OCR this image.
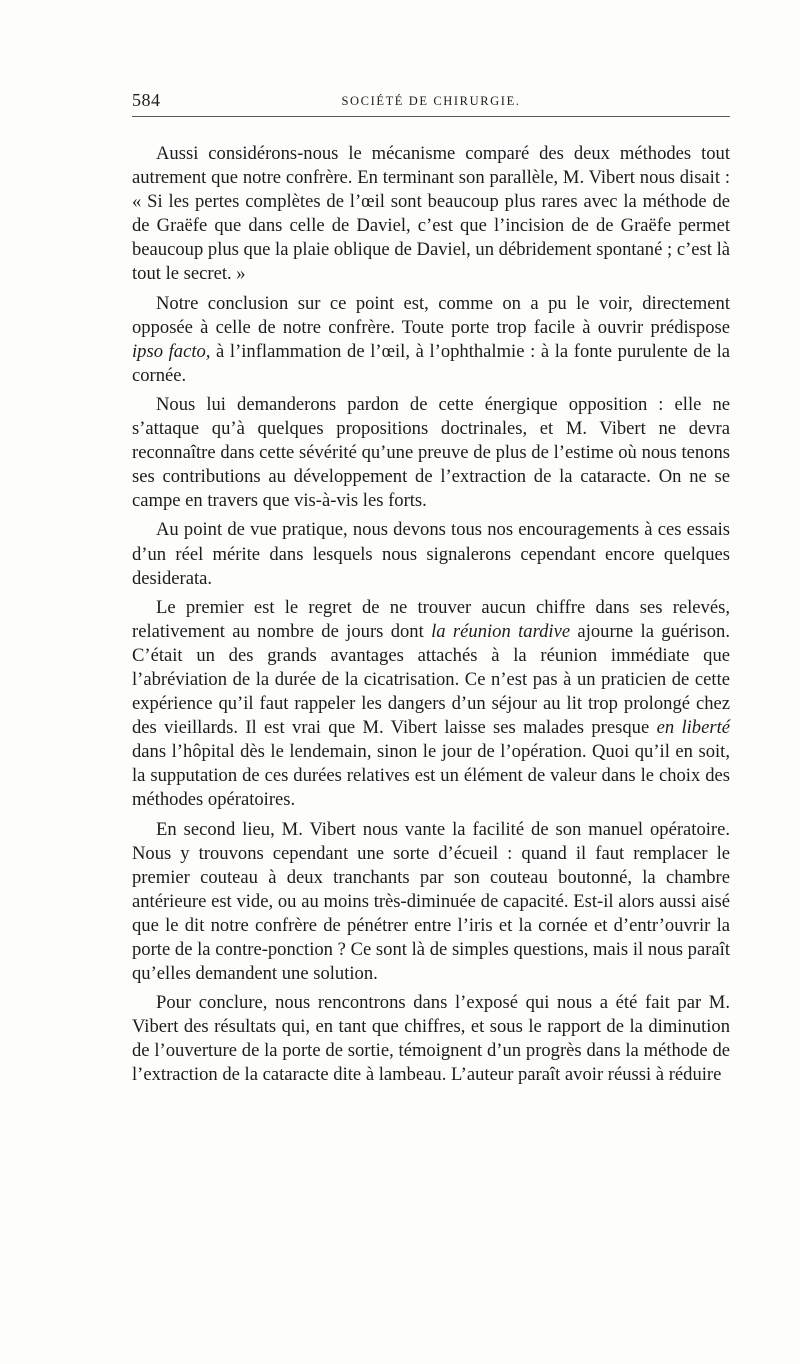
584	SOCIÉTÉ DE CHIRURGIE.

Aussi considérons-nous le mécanisme comparé des deux méthodes tout autrement que notre confrère. En terminant son parallèle, M. Vibert nous disait : « Si les pertes complètes de l’œil sont beaucoup plus rares avec la méthode de de Graëfe que dans celle de Daviel, c’est que l’incision de de Graëfe permet beaucoup plus que la plaie oblique de Daviel, un débridement spontané ; c’est là tout le secret. »

Notre conclusion sur ce point est, comme on a pu le voir, directement opposée à celle de notre confrère. Toute porte trop facile à ouvrir prédispose ipso facto, à l’inflammation de l’œil, à l’ophthalmie : à la fonte purulente de la cornée.

Nous lui demanderons pardon de cette énergique opposition : elle ne s’attaque qu’à quelques propositions doctrinales, et M. Vibert ne devra reconnaître dans cette sévérité qu’une preuve de plus de l’estime où nous tenons ses contributions au développement de l’extraction de la cataracte. On ne se campe en travers que vis-à-vis les forts.

Au point de vue pratique, nous devons tous nos encouragements à ces essais d’un réel mérite dans lesquels nous signalerons cependant encore quelques desiderata.

Le premier est le regret de ne trouver aucun chiffre dans ses relevés, relativement au nombre de jours dont la réunion tardive ajourne la guérison. C’était un des grands avantages attachés à la réunion immédiate que l’abréviation de la durée de la cicatrisation. Ce n’est pas à un praticien de cette expérience qu’il faut rappeler les dangers d’un séjour au lit trop prolongé chez des vieillards. Il est vrai que M. Vibert laisse ses malades presque en liberté dans l’hôpital dès le lendemain, sinon le jour de l’opération. Quoi qu’il en soit, la supputation de ces durées relatives est un élément de valeur dans le choix des méthodes opératoires.

En second lieu, M. Vibert nous vante la facilité de son manuel opératoire. Nous y trouvons cependant une sorte d’écueil : quand il faut remplacer le premier couteau à deux tranchants par son couteau boutonné, la chambre antérieure est vide, ou au moins très-diminuée de capacité. Est-il alors aussi aisé que le dit notre confrère de pénétrer entre l’iris et la cornée et d’entr’ouvrir la porte de la contre-ponction ? Ce sont là de simples questions, mais il nous paraît qu’elles demandent une solution.

Pour conclure, nous rencontrons dans l’exposé qui nous a été fait par M. Vibert des résultats qui, en tant que chiffres, et sous le rapport de la diminution de l’ouverture de la porte de sortie, témoignent d’un progrès dans la méthode de l’extraction de la cataracte dite à lambeau. L’auteur paraît avoir réussi à réduire
